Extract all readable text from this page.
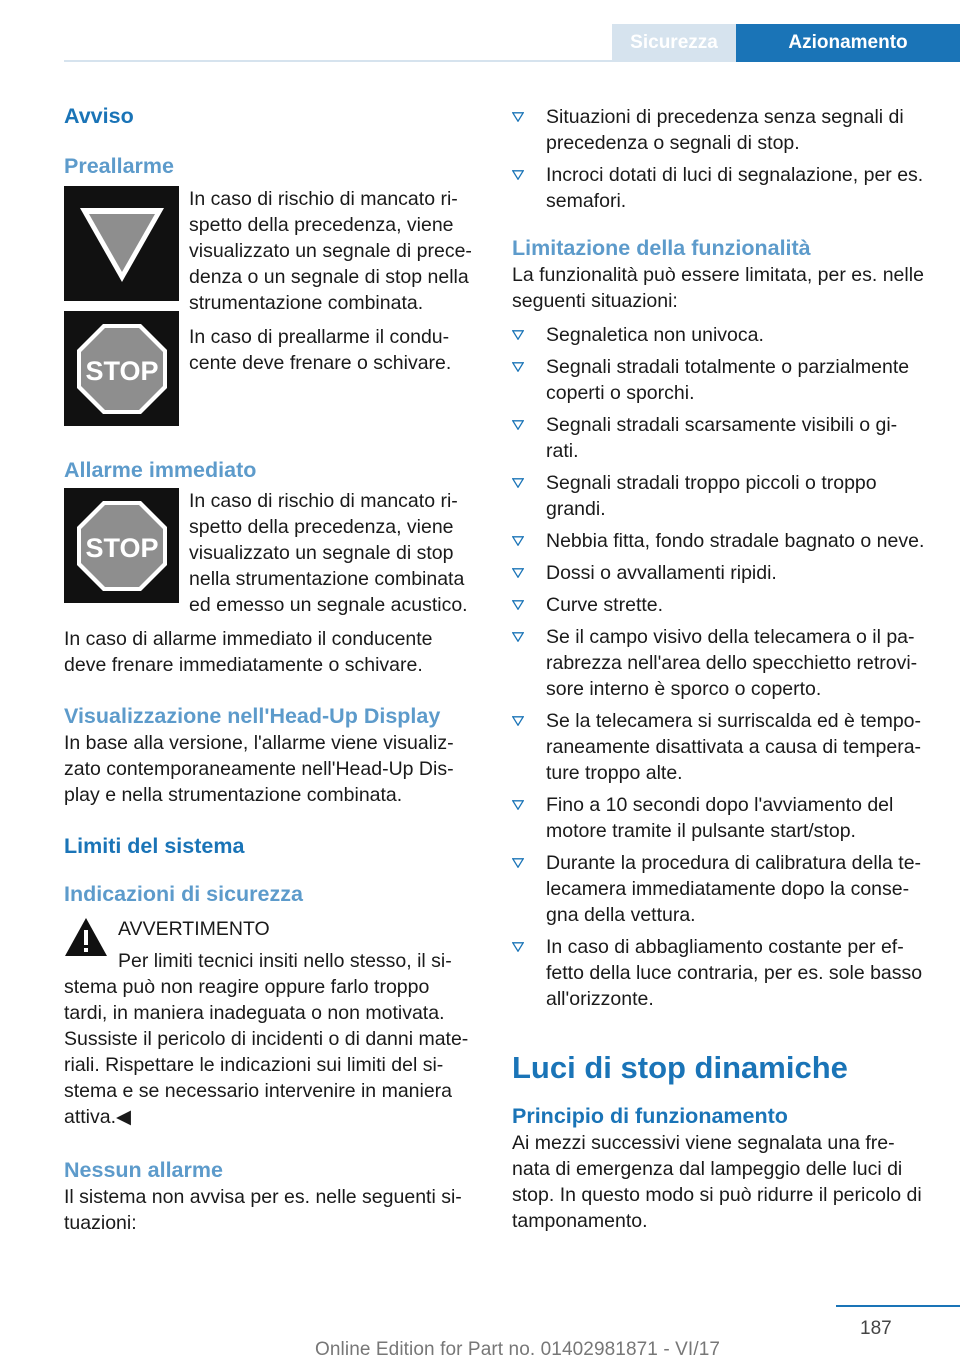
Sicurezza	Azionamento
Avviso
Preallarme
STOP

In caso di rischio di mancato ri-spetto della precedenza, viene visualizzato un segnale di prece-denza o un segnale di stop nella strumentazione combinata.

In caso di preallarme il condu-cente deve frenare o schivare.

Allarme immediato
STOP

In caso di rischio di mancato ri-spetto della precedenza, viene visualizzato un segnale di stop nella strumentazione combinata ed emesso un segnale acustico.

In caso di allarme immediato il conducente deve frenare immediatamente o schivare.

Visualizzazione nell'Head-Up Display

In base alla versione, l'allarme viene visualiz-zato contemporaneamente nell'Head-Up Dis-play e nella strumentazione combinata.

Limiti del sistema
Indicazioni di sicurezza

AVVERTIMENTO

Per limiti tecnici insiti nello stesso, il si-

stema può non reagire oppure farlo troppo tardi, in maniera inadeguata o non motivata. Sussiste il pericolo di incidenti o di danni mate-riali. Rispettare le indicazioni sui limiti del si-stema e se necessario intervenire in maniera attiva.◀

Nessun allarme

Il sistema non avvisa per es. nelle seguenti si-tuazioni:

Situazioni di precedenza senza segnali di precedenza o segnali di stop.
Incroci dotati di luci di segnalazione, per es. semafori.
Limitazione della funzionalità

La funzionalità può essere limitata, per es. nelle seguenti situazioni:

Segnaletica non univoca.
Segnali stradali totalmente o parzialmente coperti o sporchi.
Segnali stradali scarsamente visibili o gi-rati.
Segnali stradali troppo piccoli o troppo grandi.
Nebbia fitta, fondo stradale bagnato o neve.
Dossi o avvallamenti ripidi.
Curve strette.
Se il campo visivo della telecamera o il pa-rabrezza nell'area dello specchietto retrovi-sore interno è sporco o coperto.
Se la telecamera si surriscalda ed è tempo-raneamente disattivata a causa di tempera-ture troppo alte.
Fino a 10 secondi dopo l'avviamento del motore tramite il pulsante start/stop.
Durante la procedura di calibratura della te-lecamera immediatamente dopo la conse-gna della vettura.
In caso di abbagliamento costante per ef-fetto della luce contraria, per es. sole basso all'orizzonte.
Luci di stop dinamiche
Principio di funzionamento

Ai mezzi successivi viene segnalata una fre-nata di emergenza dal lampeggio delle luci di stop. In questo modo si può ridurre il pericolo di tamponamento.

187
Online Edition for Part no. 01402981871 - VI/17
